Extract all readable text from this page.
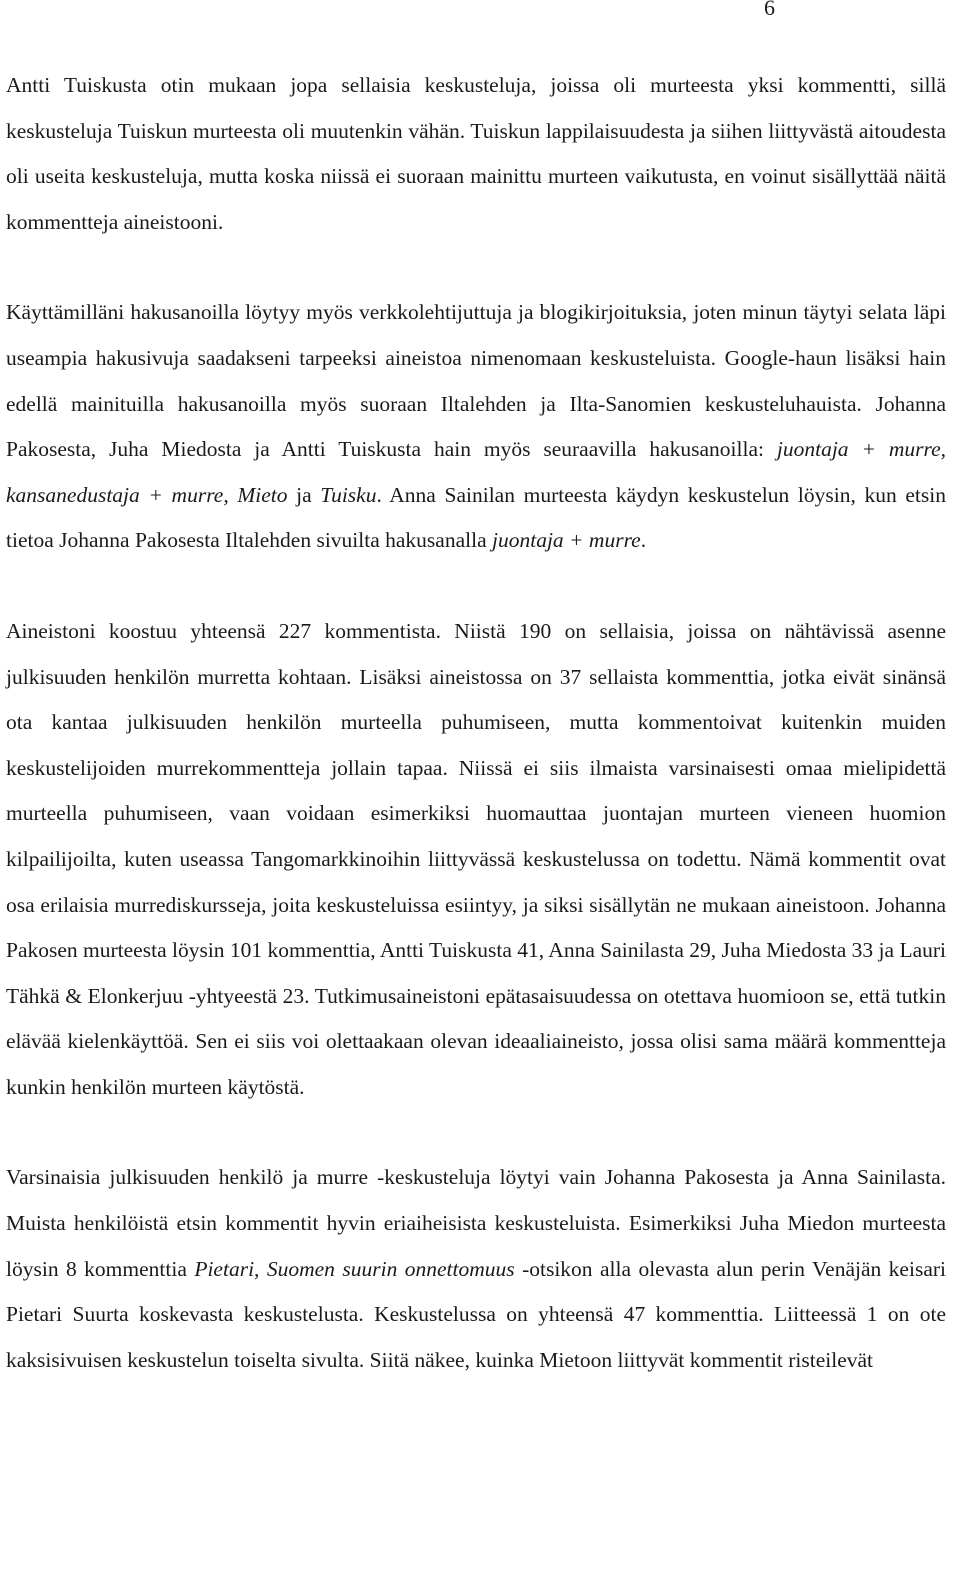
6

Antti Tuiskusta otin mukaan jopa sellaisia keskusteluja, joissa oli murteesta yksi kommentti, sillä keskusteluja Tuiskun murteesta oli muutenkin vähän. Tuiskun lappilaisuudesta ja siihen liittyvästä aitoudesta oli useita keskusteluja, mutta koska niissä ei suoraan mainittu murteen vaikutusta, en voinut sisällyttää näitä kommentteja aineistooni.

Käyttämilläni hakusanoilla löytyy myös verkkolehtijuttuja ja blogikirjoituksia, joten minun täytyi selata läpi useampia hakusivuja saadakseni tarpeeksi aineistoa nimenomaan keskusteluista. Google-haun lisäksi hain edellä mainituilla hakusanoilla myös suoraan Iltalehden ja Ilta-Sanomien keskusteluhauista. Johanna Pakosesta, Juha Miedosta ja Antti Tuiskusta hain myös seuraavilla hakusanoilla: juontaja + murre, kansanedustaja + murre, Mieto ja Tuisku. Anna Sainilan murteesta käydyn keskustelun löysin, kun etsin tietoa Johanna Pakosesta Iltalehden sivuilta hakusanalla juontaja + murre.

Aineistoni koostuu yhteensä 227 kommentista. Niistä 190 on sellaisia, joissa on nähtävissä asenne julkisuuden henkilön murretta kohtaan. Lisäksi aineistossa on 37 sellaista kommenttia, jotka eivät sinänsä ota kantaa julkisuuden henkilön murteella puhumiseen, mutta kommentoivat kuitenkin muiden keskustelijoiden murrekommentteja jollain tapaa. Niissä ei siis ilmaista varsinaisesti omaa mielipidettä murteella puhumiseen, vaan voidaan esimerkiksi huomauttaa juontajan murteen vieneen huomion kilpailijoilta, kuten useassa Tangomarkkinoihin liittyvässä keskustelussa on todettu. Nämä kommentit ovat osa erilaisia murrediskursseja, joita keskusteluissa esiintyy, ja siksi sisällytän ne mukaan aineistoon. Johanna Pakosen murteesta löysin 101 kommenttia, Antti Tuiskusta 41, Anna Sainilasta 29, Juha Miedosta 33 ja Lauri Tähkä & Elonkerjuu -yhtyeestä 23. Tutkimusaineistoni epätasaisuudessa on otettava huomioon se, että tutkin elävää kielenkäyttöä. Sen ei siis voi olettaakaan olevan ideaaliaineisto, jossa olisi sama määrä kommentteja kunkin henkilön murteen käytöstä.

Varsinaisia julkisuuden henkilö ja murre -keskusteluja löytyi vain Johanna Pakosesta ja Anna Sainilasta. Muista henkilöistä etsin kommentit hyvin eriaiheisista keskusteluista. Esimerkiksi Juha Miedon murteesta löysin 8 kommenttia Pietari, Suomen suurin onnettomuus -otsikon alla olevasta alun perin Venäjän keisari Pietari Suurta koskevasta keskustelusta. Keskustelussa on yhteensä 47 kommenttia. Liitteessä 1 on ote kaksisivuisen keskustelun toiselta sivulta. Siitä näkee, kuinka Mietoon liittyvät kommentit risteilevät
